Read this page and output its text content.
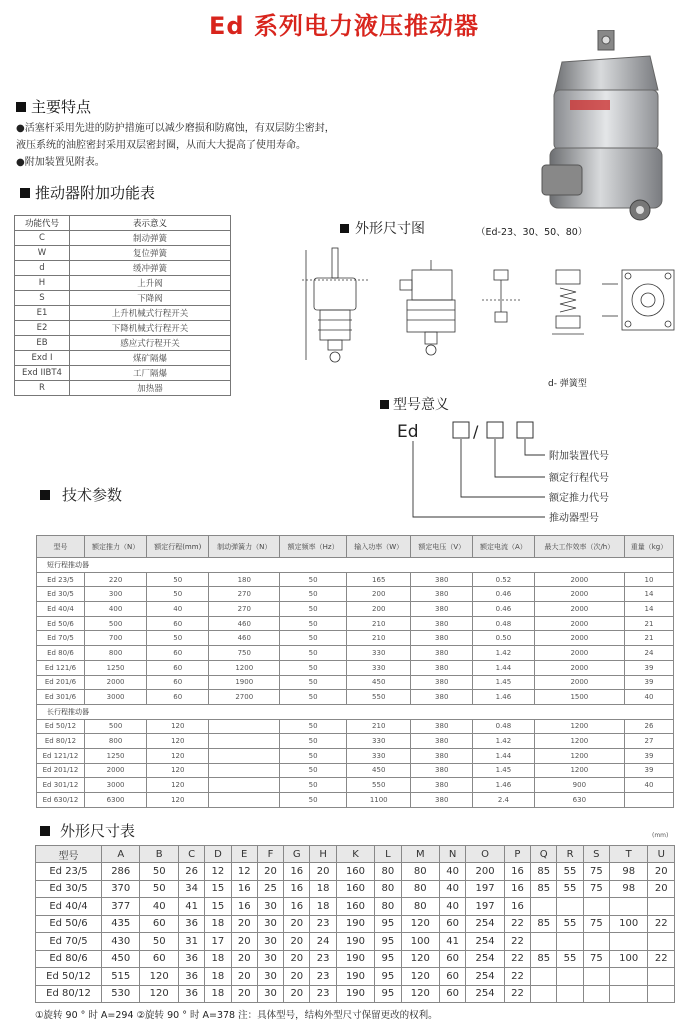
Ed 系列电力液压推动器
主要特点
●活塞杆采用先进的防护措施可以减少磨损和防腐蚀，有双层防尘密封，
液压系统的油腔密封采用双层密封圈，从而大大提高了使用寿命。
●附加装置见附表。
推动器附加功能表
功能代号	表示意义
C	制动弹簧
W	复位弹簧
d	缓冲弹簧
H	上升阀
S	下降阀
E1	上升机械式行程开关
E2	下降机械式行程开关
EB	感应式行程开关
Exd I	煤矿隔爆
Exd IIBT4	工厂隔爆
R	加热器
外形尺寸图	（Ed-23、30、50、80）
d- 弹簧型
型号意义
Ed	/
附加装置代号
额定行程代号
额定推力代号
推动器型号
技术参数
型号	额定推力（N）	额定行程(mm)	制动弹簧力（N）	额定频率（Hz）	输入功率（W）	额定电压（V）	额定电流（A）	最大工作效率（次/h）	重量（kg）
短行程推动器									
Ed 23/5	220	50	180	50	165	380	0.52	2000	10
Ed 30/5	300	50	270	50	200	380	0.46	2000	14
Ed 40/4	400	40	270	50	200	380	0.46	2000	14
Ed 50/6	500	60	460	50	210	380	0.48	2000	21
Ed 70/5	700	50	460	50	210	380	0.50	2000	21
Ed 80/6	800	60	750	50	330	380	1.42	2000	24
Ed 121/6	1250	60	1200	50	330	380	1.44	2000	39
Ed 201/6	2000	60	1900	50	450	380	1.45	2000	39
Ed 301/6	3000	60	2700	50	550	380	1.46	1500	40
长行程推动器									
Ed 50/12	500	120		50	210	380	0.48	1200	26
Ed 80/12	800	120		50	330	380	1.42	1200	27
Ed 121/12	1250	120		50	330	380	1.44	1200	39
Ed 201/12	2000	120		50	450	380	1.45	1200	39
Ed 301/12	3000	120		50	550	380	1.46	900	40
Ed 630/12	6300	120		50	1100	380	2.4	630	
外形尺寸表	(mm)
型号	A	B	C	D	E	F	G	H	K	L	M	N	O	P	Q	R	S	T	U
Ed 23/5	286	50	26	12	12	20	16	20	160	80	80	40	200	16	85	55	75	98	20
Ed 30/5	370	50	34	15	16	25	16	18	160	80	80	40	197	16	85	55	75	98	20
Ed 40/4	377	40	41	15	16	30	16	18	160	80	80	40	197	16					
Ed 50/6	435	60	36	18	20	30	20	23	190	95	120	60	254	22	85	55	75	100	22
Ed 70/5	430	50	31	17	20	30	20	24	190	95	100	41	254	22					
Ed 80/6	450	60	36	18	20	30	20	23	190	95	120	60	254	22	85	55	75	100	22
Ed 50/12	515	120	36	18	20	30	20	23	190	95	120	60	254	22					
Ed 80/12	530	120	36	18	20	30	20	23	190	95	120	60	254	22					
①旋转 90 ° 时 A=294 ②旋转 90 ° 时 A=378 注：具体型号，结构外型尺寸保留更改的权利。
